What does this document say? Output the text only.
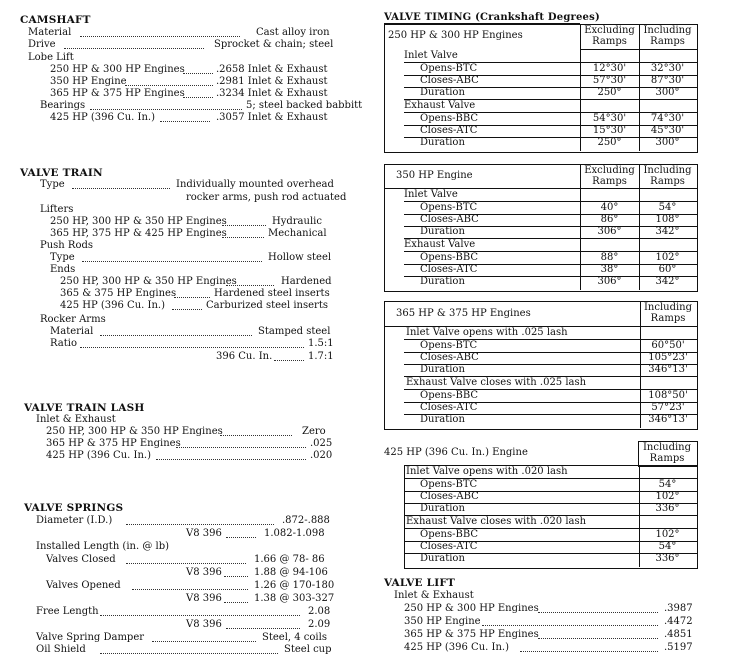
CAMSHAFT
Material	Cast alloy iron
Drive	Sprocket & chain; steel
Lobe Lift
250 HP & 300 HP Engines	.2658 Inlet & Exhaust
350 HP Engine	.2981 Inlet & Exhaust
365 HP & 375 HP Engines	.3234 Inlet & Exhaust
Bearings	5; steel backed babbitt
425 HP (396 Cu. In.)	.3057 Inlet & Exhaust
VALVE TRAIN
Type	Individually mounted overhead
rocker arms, push rod actuated
Lifters
250 HP, 300 HP & 350 HP Engines	Hydraulic
365 HP, 375 HP & 425 HP Engines	Mechanical
Push Rods
Type	Hollow steel
Ends
250 HP, 300 HP & 350 HP Engines	Hardened
365 & 375 HP Engines	Hardened steel inserts
425 HP (396 Cu. In.)	Carburized steel inserts
Rocker Arms
Material	Stamped steel
Ratio	1.5:1
396 Cu. In.	1.7:1
VALVE TRAIN LASH
Inlet & Exhaust
250 HP, 300 HP & 350 HP Engines	Zero
365 HP & 375 HP Engines	.025
425 HP (396 Cu. In.)	.020
VALVE SPRINGS
Diameter (I.D.)	.872-.888
V8 396	1.082-1.098
Installed Length (in. @ lb)
Valves Closed	1.66 @ 78- 86
V8 396	1.88 @ 94-106
Valves Opened	1.26 @ 170-180
V8 396	1.38 @ 303-327
Free Length	2.08
V8 396	2.09
Valve Spring Damper	Steel, 4 coils
Oil Shield	Steel cup
VALVE TIMING (Crankshaft Degrees)
250 HP & 300 HP Engines	Excluding
Ramps
Including
Ramps
Inlet Valve
Opens-BTC	12°30'	32°30'
Closes-ABC	57°30'	87°30'
Duration	250°	300°
Exhaust Valve
Opens-BBC	54°30'	74°30'
Closes-ATC	15°30'	45°30'
Duration	250°	300°
350 HP Engine	Excluding
Ramps
Including
Ramps
Inlet Valve
Opens-BTC	40°	54°
Closes-ABC	86°	108°
Duration	306°	342°
Exhaust Valve
Opens-BBC	88°	102°
Closes-ATC	38°	60°
Duration	306°	342°
365 HP & 375 HP Engines
Including
Ramps
Inlet Valve opens with .025 lash
Opens-BTC	60°50'
Closes-ABC	105°23'
Duration	346°13'
Exhaust Valve closes with .025 lash
Opens-BBC	108°50'
Closes-ATC	57°23'
Duration	346°13'
425 HP (396 Cu. In.) Engine	Including
Ramps
Inlet Valve opens with .020 lash
Opens-BTC	54°
Closes-ABC	102°
Duration	336°
Exhaust Valve closes with .020 lash
Opens-BBC	102°
Closes-ATC	54°
Duration	336°
VALVE LIFT
Inlet & Exhaust
250 HP & 300 HP Engines	.3987
350 HP Engine	.4472
365 HP & 375 HP Engines	.4851
425 HP (396 Cu. In.)	.5197
